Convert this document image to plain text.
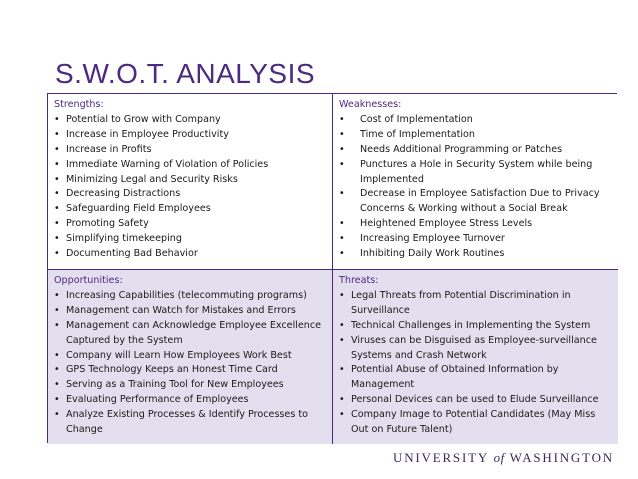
S.W.O.T. ANALYSIS
Strengths:
• Potential to Grow with Company
• Increase in Employee Productivity
• Increase in Profits
• Immediate Warning of Violation of Policies
• Minimizing Legal and Security Risks
• Decreasing Distractions
• Safeguarding Field Employees
• Promoting Safety
• Simplifying timekeeping
• Documenting Bad Behavior
Weaknesses:
• Cost of Implementation
• Time of Implementation
• Needs Additional Programming or Patches
• Punctures a Hole in Security System while being Implemented
• Decrease in Employee Satisfaction Due to Privacy Concerns & Working without a Social Break
• Heightened Employee Stress Levels
• Increasing Employee Turnover
• Inhibiting Daily Work Routines
Opportunities:
• Increasing Capabilities (telecommuting programs)
• Management can Watch for Mistakes and Errors
• Management can Acknowledge Employee Excellence Captured by the System
• Company will Learn How Employees Work Best
• GPS Technology Keeps an Honest Time Card
• Serving as a Training Tool for New Employees
• Evaluating Performance of Employees
• Analyze Existing Processes & Identify Processes to Change
Threats:
• Legal Threats from Potential Discrimination in Surveillance
• Technical Challenges in Implementing the System
• Viruses can be Disguised as Employee-surveillance Systems and Crash Network
• Potential Abuse of Obtained Information by Management
• Personal Devices can be used to Elude Surveillance
• Company Image to Potential Candidates (May Miss Out on Future Talent)
UNIVERSITY of WASHINGTON
